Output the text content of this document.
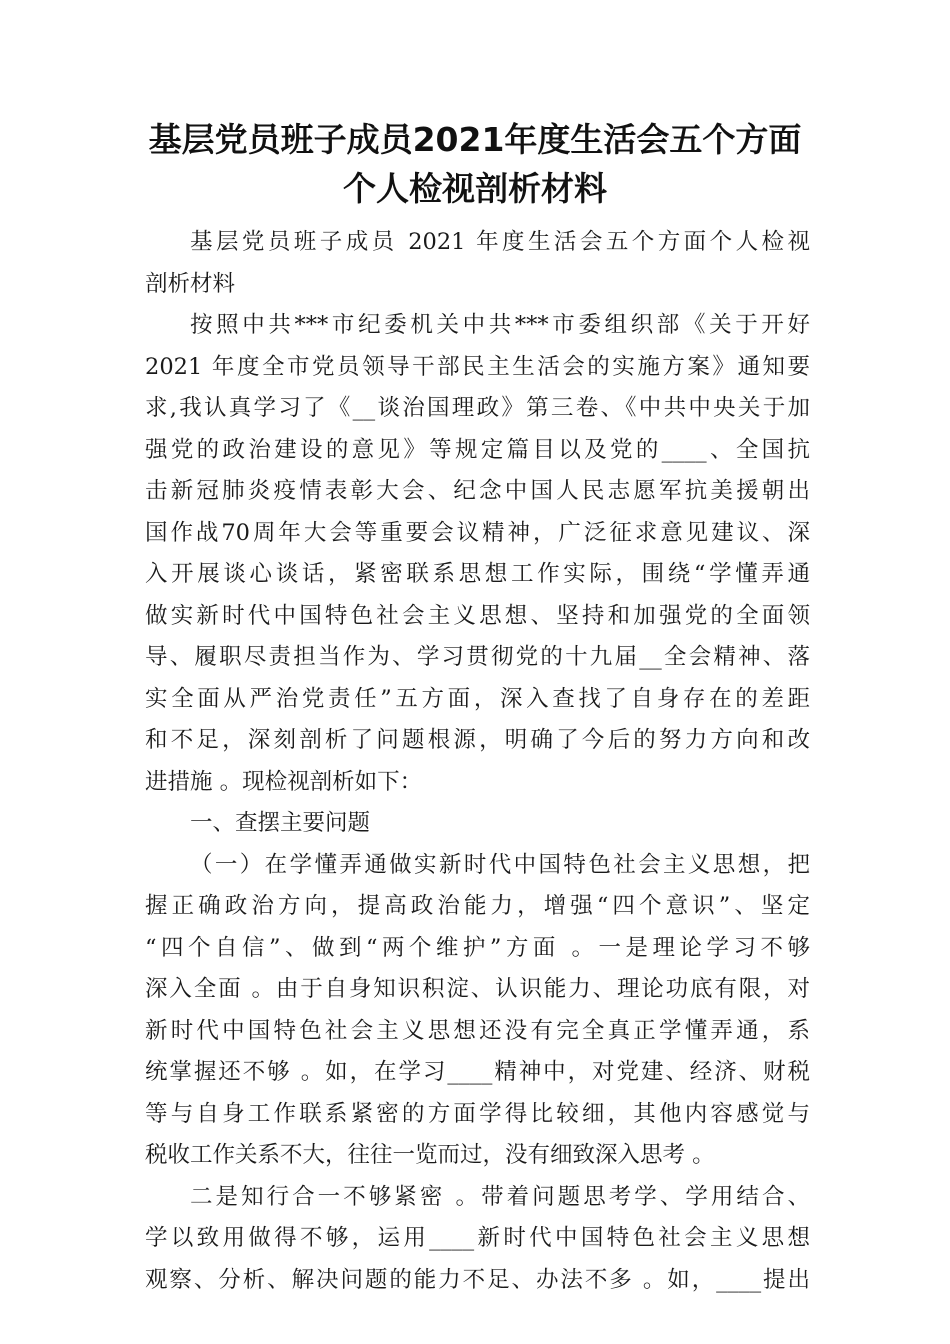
基层党员班子成员2021年度生活会五个方面
个人检视剖析材料
基层党员班子成员 2021 年度生活会五个方面个人检视
剖析材料
按照中共***市纪委机关中共***市委组织部《关于开好
2021 年度全市党员领导干部民主生活会的实施方案》通知要
求,我认真学习了《__谈治国理政》第三卷、《中共中央关于加
强党的政治建设的意见》等规定篇目以及党的____、全国抗
击新冠肺炎疫情表彰大会、纪念中国人民志愿军抗美援朝出
国作战70周年大会等重要会议精神，广泛征求意见建议、深
入开展谈心谈话，紧密联系思想工作实际，围绕“学懂弄通
做实新时代中国特色社会主义思想、坚持和加强党的全面领
导、履职尽责担当作为、学习贯彻党的十九届__全会精神、落
实全面从严治党责任”五方面，深入查找了自身存在的差距
和不足，深刻剖析了问题根源，明确了今后的努力方向和改
进措施 。现检视剖析如下：
一、查摆主要问题
（一）在学懂弄通做实新时代中国特色社会主义思想，把
握正确政治方向，提高政治能力，增强“四个意识”、坚定
“四个自信”、做到“两个维护”方面 。一是理论学习不够
深入全面 。由于自身知识积淀、认识能力、理论功底有限，对
新时代中国特色社会主义思想还没有完全真正学懂弄通，系
统掌握还不够 。如，在学习____精神中，对党建、经济、财税
等与自身工作联系紧密的方面学得比较细，其他内容感觉与
税收工作关系不大，往往一览而过，没有细致深入思考 。
二是知行合一不够紧密 。带着问题思考学、学用结合、
学以致用做得不够，运用____新时代中国特色社会主义思想
观察、分析、解决问题的能力不足、办法不多 。如，____提出
